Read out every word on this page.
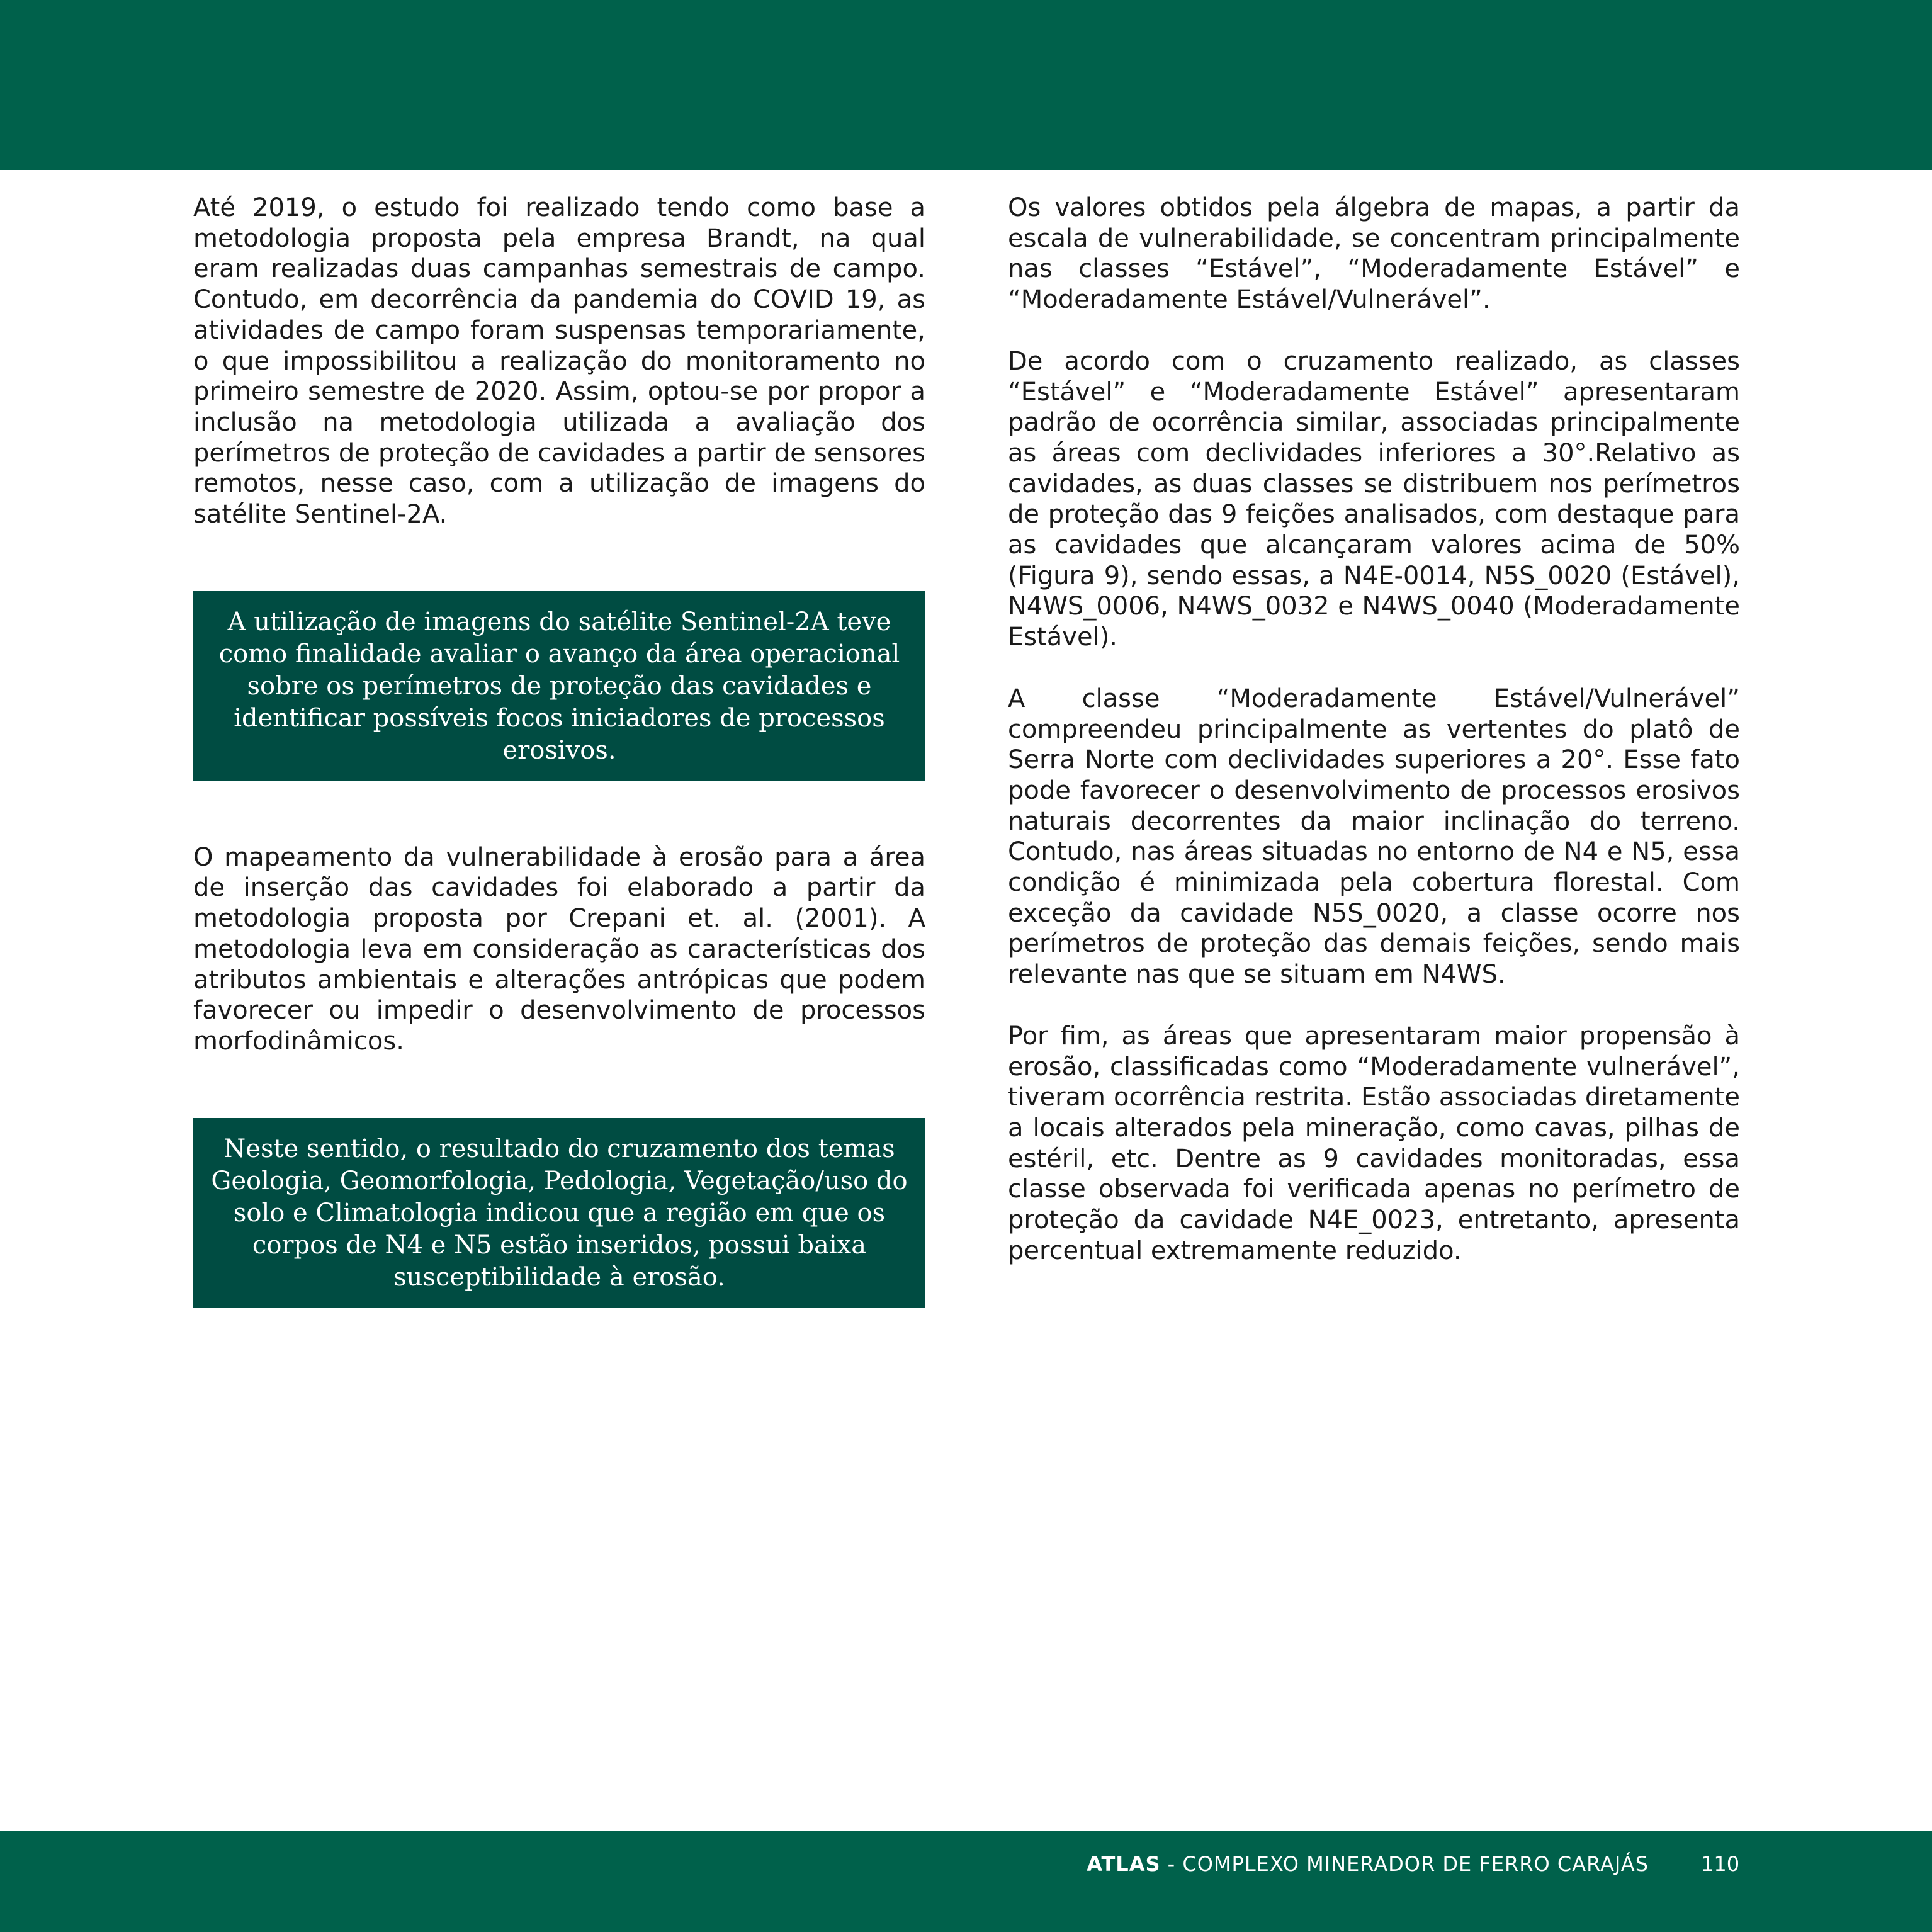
Até 2019, o estudo foi realizado tendo como base a metodologia proposta pela empresa Brandt, na qual eram realizadas duas campanhas semestrais de campo. Contudo, em decorrência da pandemia do COVID 19, as atividades de campo foram suspensas temporariamente, o que impossibilitou a realização do monitoramento no primeiro semestre de 2020. Assim, optou-se por propor a inclusão na metodologia utilizada a avaliação dos perímetros de proteção de cavidades a partir de sensores remotos, nesse caso, com a utilização de imagens do satélite Sentinel-2A.

A utilização de imagens do satélite Sentinel-2A teve como finalidade avaliar o avanço da área operacional sobre os perímetros de proteção das cavidades e identificar possíveis focos iniciadores de processos erosivos.

O mapeamento da vulnerabilidade à erosão para a área de inserção das cavidades foi elaborado a partir da metodologia proposta por Crepani et. al. (2001). A metodologia leva em consideração as características dos atributos ambientais e alterações antrópicas que podem favorecer ou impedir o desenvolvimento de processos morfodinâmicos.

Neste sentido, o resultado do cruzamento dos temas Geologia, Geomorfologia, Pedologia, Vegetação/uso do solo e Climatologia indicou que a região em que os corpos de N4 e N5 estão inseridos, possui baixa susceptibilidade à erosão.

Os valores obtidos pela álgebra de mapas, a partir da escala de vulnerabilidade, se concentram principalmente nas classes “Estável”, “Moderadamente Estável” e “Moderadamente Estável/Vulnerável”.

De acordo com o cruzamento realizado, as classes “Estável” e “Moderadamente Estável” apresentaram padrão de ocorrência similar, associadas principalmente as áreas com declividades inferiores a 30°.Relativo as cavidades, as duas classes se distribuem nos perímetros de proteção das 9 feições analisados, com destaque para as cavidades que alcançaram valores acima de 50% (Figura 9), sendo essas, a N4E-0014, N5S_0020 (Estável), N4WS_0006, N4WS_0032 e N4WS_0040 (Moderadamente Estável).

A classe “Moderadamente Estável/Vulnerável” compreendeu principalmente as vertentes do platô de Serra Norte com declividades superiores a 20°. Esse fato pode favorecer o desenvolvimento de processos erosivos naturais decorrentes da maior inclinação do terreno. Contudo, nas áreas situadas no entorno de N4 e N5, essa condição é minimizada pela cobertura florestal. Com exceção da cavidade N5S_0020, a classe ocorre nos perímetros de proteção das demais feições, sendo mais relevante nas que se situam em N4WS.

Por fim, as áreas que apresentaram maior propensão à erosão, classificadas como “Moderadamente vulnerável”, tiveram ocorrência restrita. Estão associadas diretamente a locais alterados pela mineração, como cavas, pilhas de estéril, etc. Dentre as 9 cavidades monitoradas, essa classe observada foi verificada apenas no perímetro de proteção da cavidade N4E_0023, entretanto, apresenta percentual extremamente reduzido.

ATLAS - COMPLEXO MINERADOR DE FERRO CARAJÁS	110
